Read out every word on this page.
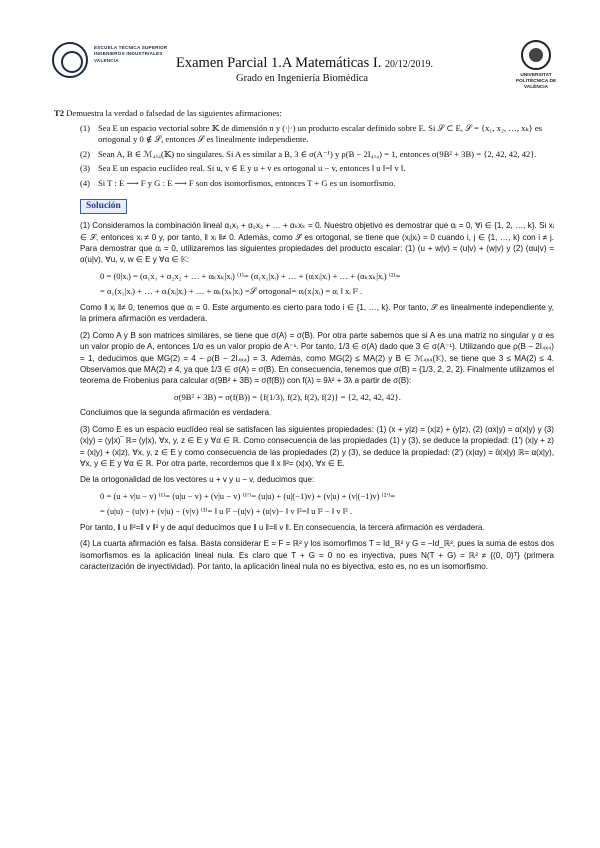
ESCUELA TÉCNICA SUPERIOR INGENIEROS INDUSTRIALES VALENCIA	Examen Parcial 1.A Matemáticas I. 20/12/2019.
Grado en Ingeniería Biomédica	UNIVERSITAT POLITÈCNICA DE VALÈNCIA
T2 Demuestra la verdad o falsedad de las siguientes afirmaciones:
(1) Sea E un espacio vectorial sobre 𝕂 de dimensión n y (·|·) un producto escalar definido sobre E. Si 𝒮 ⊂ E, 𝒮 = {x₁, x₂, …, xₖ} es ortogonal y 0 ∉ 𝒮, entonces 𝒮 es linealmente independiente.
(2) Sean A, B ∈ ℳ₄ₓ₄(𝕂) no singulares. Si A es similar a B, 3 ∈ σ(A⁻¹) y ρ(B − 2I₄ₓ₄) = 1, entonces σ(9B² + 3B) = {2, 42, 42, 42}.
(3) Sea E un espacio euclídeo real. Si u, v ∈ E y u + v es ortogonal u − v, entonces ‖ u ‖=‖ v ‖.
(4) Si T : E ⟶ F y G : E ⟶ F son dos isomorfismos, entonces T + G es un isomorfismo.
Solución
(1) Consideramos la combinación lineal α₁x₁ + α₂x₂ + … + αₖxₖ = 0. Nuestro objetivo es demostrar que αᵢ = 0, ∀i ∈ {1, 2, …, k}. Si xᵢ ∈ 𝒮, entonces xᵢ ≠ 0 y, por tanto, ‖ xᵢ ‖≠ 0. Además, como 𝒮 es ortogonal, se tiene que (xⱼ|xᵢ) = 0 cuando i, j ∈ {1, …, k} con i ≠ j. Para demostrar que αᵢ = 0, utilizaremos las siguientes propiedades del producto escalar: (1) (u + w|v) = (u|v) + (w|v) y (2) (αu|v) = α(u|v), ∀u, v, w ∈ E y ∀α ∈ 𝕂:
0 = (0|xᵢ) = (α₁x₁ + α₂x₂ + … + αₖxₖ|xᵢ) ⁽¹⁾= (α₁x₁|xᵢ) + … + (αᵢxᵢ|xᵢ) + … + (αₖxₖ|xᵢ) ⁽²⁾=
= α₁(x₁|xᵢ) + … + αᵢ(xᵢ|xᵢ) + … + αₖ(xₖ|xᵢ) =𝒮 ortogonal= αᵢ(xᵢ|xᵢ) = αᵢ ‖ xᵢ ‖² .
Como ‖ xᵢ ‖≠ 0, tenemos que αᵢ = 0. Este argumento es cierto para todo i ∈ {1, …, k}. Por tanto, 𝒮 es linealmente independiente y, la primera afirmación es verdadera.
(2) Como A y B son matrices similares, se tiene que σ(A) = σ(B). Por otra parte sabemos que si A es una matriz no singular y α es un valor propio de A, entonces 1/α es un valor propio de A⁻¹. Por tanto, 1/3 ∈ σ(A) dado que 3 ∈ σ(A⁻¹). Utilizando que ρ(B − 2I₄ₓ₄) = 1, deducimos que MG(2) = 4 − ρ(B − 2I₄ₓ₄) = 3. Además, como MG(2) ≤ MA(2) y B ∈ ℳ₄ₓ₄(𝕂), se tiene que 3 ≤ MA(2) ≤ 4. Observamos que MA(2) ≠ 4, ya que 1/3 ∈ σ(A) = σ(B). En consecuencia, tenemos que σ(B) = {1/3, 2, 2, 2}. Finalmente utilizamos el teorema de Frobenius para calcular σ(9B² + 3B) = σ(f(B)) con f(λ) = 9λ² + 3λ a partir de σ(B):
σ(9B² + 3B) = σ(f(B)) = {f(1/3), f(2), f(2), f(2)} = {2, 42, 42, 42}.
Concluimos que la segunda afirmación es verdadera.
(3) Como E es un espacio euclídeo real se satisfacen las siguientes propiedades: (1) (x + y|z) = (x|z) + (y|z), (2) (αx|y) = α(x|y) y (3) (x|y) = (y|x)‾ ℝ= (y|x), ∀x, y, z ∈ E y ∀α ∈ ℝ. Como consecuencia de las propiedades (1) y (3), se deduce la propiedad: (1′) (x|y + z) = (x|y) + (x|z), ∀x, y, z ∈ E y como consecuencia de las propiedades (2) y (3), se deduce la propiedad: (2′) (x|αy) = ᾱ(x|y) ℝ= α(x|y), ∀x, y ∈ E y ∀α ∈ ℝ. Por otra parte, recordemos que ‖ x ‖²= (x|x), ∀x ∈ E.
De la ortogonalidad de los vectores u + v y u − v, deducimos que:
0 = (u + v|u − v) ⁽¹⁾= (u|u − v) + (v|u − v) ⁽¹′⁾= (u|u) + (u|(−1)v) + (v|u) + (v|(−1)v) ⁽²′⁾=
= (u|u) − (u|v) + (v|u) − (v|v) ⁽³⁾= ‖ u ‖² −(u|v) + (u|v)− ‖ v ‖²=‖ u ‖² − ‖ v ‖² .
Por tanto, ‖ u ‖²=‖ v ‖² y de aquí deducimos que ‖ u ‖=‖ v ‖. En consecuencia, la tercera afirmación es verdadera.
(4) La cuarta afirmación es falsa. Basta considerar E = F = ℝ² y los isomorfimos T = Id_ℝ² y G = −Id_ℝ², pues la suma de estos dos isomorfismos es la aplicación lineal nula. Es claro que T + G = 0 no es inyectiva, pues N(T + G) = ℝ² ≠ {(0, 0)ᵀ} (primera caracterización de inyectividad). Por tanto, la aplicación lineal nula no es biyectiva, esto es, no es un isomorfismo.
